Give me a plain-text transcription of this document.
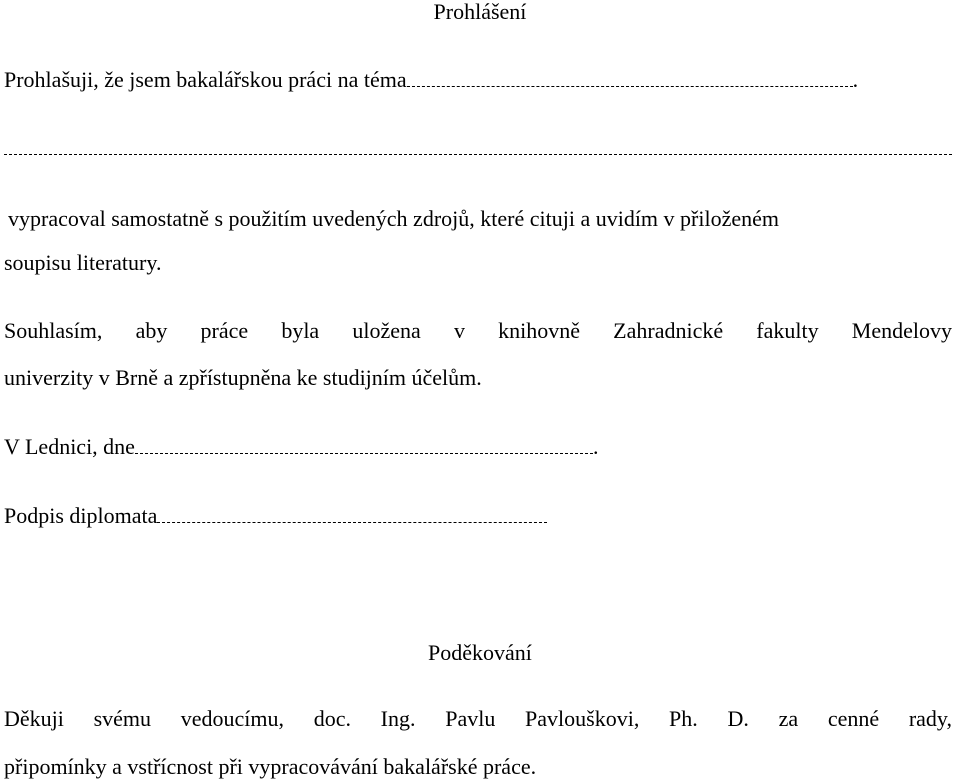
Prohlášení
Prohlašuji, že jsem bakalářskou práci na téma	.
vypracoval samostatně s použitím uvedených zdrojů, které cituji a uvidím v přiloženém
soupisu literatury.
Souhlasím, aby práce byla uložena v knihovně Zahradnické fakulty Mendelovy
univerzity v Brně a zpřístupněna ke studijním účelům.
V Lednici, dne	.
Podpis diplomata
Poděkování
Děkuji svému vedoucímu, doc. Ing. Pavlu Pavlouškovi, Ph. D. za cenné rady,
připomínky a vstřícnost při vypracovávání bakalářské práce.
